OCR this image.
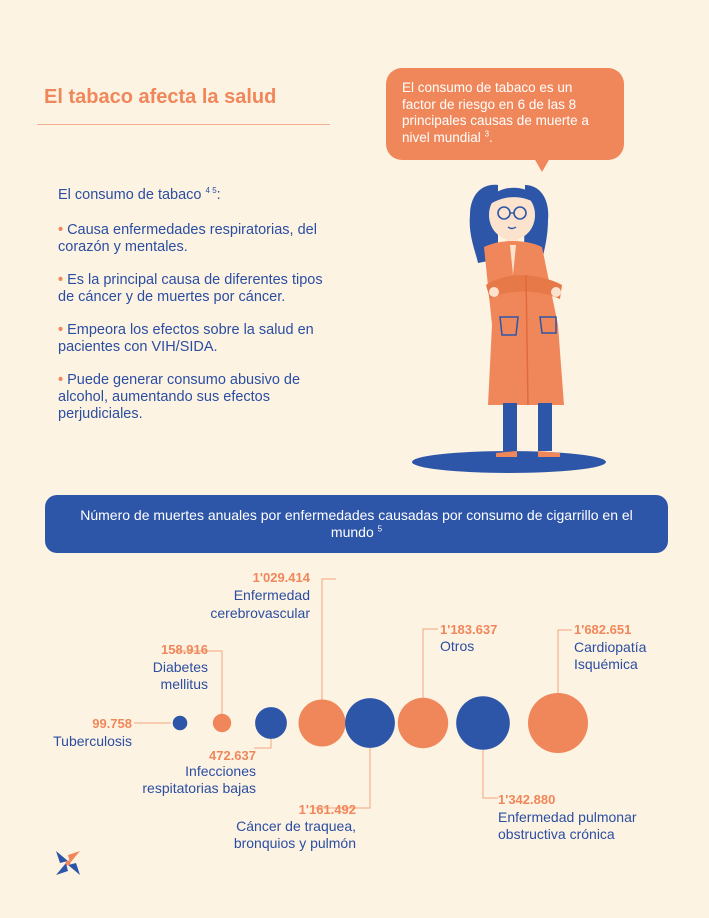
El tabaco afecta la salud	El consumo de tabaco es un factor de riesgo en 6 de las 8 principales causas de muerte a nivel mundial $^3$.
El consumo de tabaco $^{4 5}$:
• Causa enfermedades respiratorias, del corazón y mentales.
• Es la principal causa de diferentes tipos de cáncer y de muertes por cáncer.
• Empeora los efectos sobre la salud en pacientes con VIH/SIDA.
• Puede generar consumo abusivo de alcohol, aumentando sus efectos perjudiciales.
Número de muertes anuales por enfermedades causadas por consumo de cigarrillo en el mundo $^5$
99.758
Tuberculosis
158.916
Diabetes
mellitus
472.637
Infecciones
respitatorias bajas
1'029.414
Enfermedad
cerebrovascular
1'161.492
Cáncer de traquea,
bronquios y pulmón
1'183.637
Otros
1'342.880
Enfermedad pulmonar
obstructiva crónica
1'682.651
Cardiopatía
Isquémica
